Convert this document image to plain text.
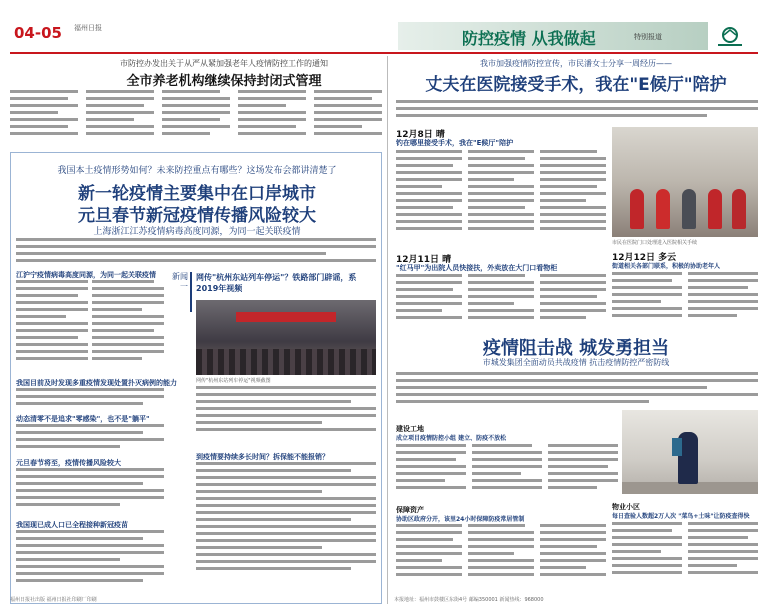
04-05 福州日报
防控疫情 从我做起	特别报道
市防控办发出关于从严从紧加强老年人疫情防控工作的通知
全市养老机构继续保持封闭式管理
我国本土疫情形势如何？未来防控重点有哪些？这场发布会都讲清楚了
新一轮疫情主要集中在口岸城市
元旦春节新冠疫情传播风险较大
上海浙江江苏疫情病毒高度同源，为同一起关联疫情
江沪宁疫情病毒高度同源，为同一起关联疫情	新闻一
网传"杭州东站列车停运"？铁路部门辟谣，系2019年视频
网传"杭州东站列车停运"视频截图
我国目前及时发现多重疫情发现处置扑灭病例的能力
动态清零不是追求"零感染"，也不是"躺平"
元旦春节将至，疫情传播风险较大
我国现已成人口已全程接种新冠疫苗
到疫情要持续多长时间？拆保能不能报销？
福州日报社出版 福州日报社印刷厂印刷
我市加强疫情防控宣传，市民潘女士分享一周经历——
丈夫在医院接受手术，我在"E候厅"陪护
12月8日 晴
钓在哪里接受手术，我在"E候厅"陪护
市民在医院门口处理进入医院相关手续
12月11日 晴
"红马甲"为出院人员快接扶，外卖放在大门口看物柜
12月12日 多云
街道相关各部门联系，积极的协助老年人
疫情阻击战 城发勇担当
市城发集团全面动员共战疫情 抗击疫情防控严密防线
建设工地
成立项目疫情防控小组 建立、防疫不放松
保障资产
协助区政府分开，该里24小时保障防疫常居管制
物业小区
每日查验人数超2万人次 "菜鸟+土味"让防疫查得快
本报地址：福州市鼓楼区东街4号 邮编350001 新闻热线：968000
